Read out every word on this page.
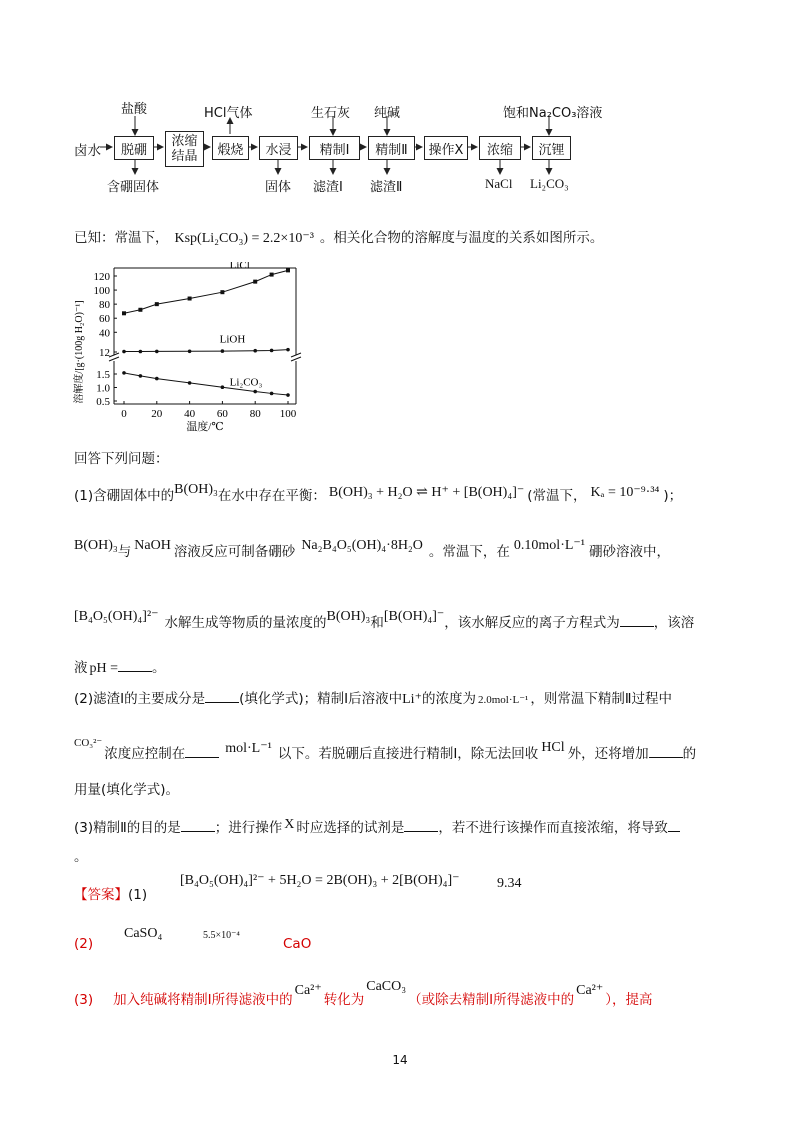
卤水	脱硼
浓缩
结晶	煅烧	水浸	精制Ⅰ	精制Ⅱ	操作X	浓缩	沉锂
盐酸	HCl气体	生石灰 纯碱	饱和Na₂CO₃溶液
含硼固体	固体 滤渣Ⅰ 滤渣Ⅱ	NaCl Li₂CO₃
已知：常温下， Ksp(Li₂CO₃) = 2.2×10⁻³ 。相关化合物的溶解度与温度的关系如图所示。
0 20 40 60 80 100
12
40
60
80
100
120
0.5
1.0
1.5
LiCl
LiOH
Li₂CO₃
溶解度/[g·(100g H₂O)⁻¹]
温度/℃
回答下列问题：
(1)含硼固体中的B(OH)₃在水中存在平衡： B(OH)₃ + H₂O ⇌ H⁺ + [B(OH)₄]⁻ (常温下， Kₐ = 10⁻⁹·³⁴ )；
B(OH)₃与 NaOH 溶液反应可制备硼砂 Na₂B₄O₅(OH)₄·8H₂O 。常温下，在 0.10mol·L⁻¹ 硼砂溶液中，
[B₄O₅(OH)₄]²⁻ 水解生成等物质的量浓度的B(OH)₃和[B(OH)₄]⁻，该水解反应的离子方程式为	，该溶
液 pH =	。
(2)滤渣Ⅰ的主要成分是	(填化学式)；精制Ⅰ后溶液中Li⁺的浓度为 2.0mol·L⁻¹ ，则常温下精制Ⅱ过程中
$^{CO_3^{2-}}$浓度应控制在	mol·L⁻¹ 以下。若脱硼后直接进行精制Ⅰ，除无法回收 HCl 外，还将增加	的
用量(填化学式)。
(3)精制Ⅱ的目的是	；进行操作 X 时应选择的试剂是	，若不进行该操作而直接浓缩，将导致
。
【答案】(1)
[B₄O₅(OH)₄]²⁻ + 5H₂O = 2B(OH)₃ + 2[B(OH)₄]⁻	9.34
(2)
CaSO₄	5.5×10⁻⁴
CaO
(3) 加入纯碱将精制Ⅰ所得滤液中的Ca²⁺转化为CaCO₃（或除去精制Ⅰ所得滤液中的Ca²⁺），提高
14
